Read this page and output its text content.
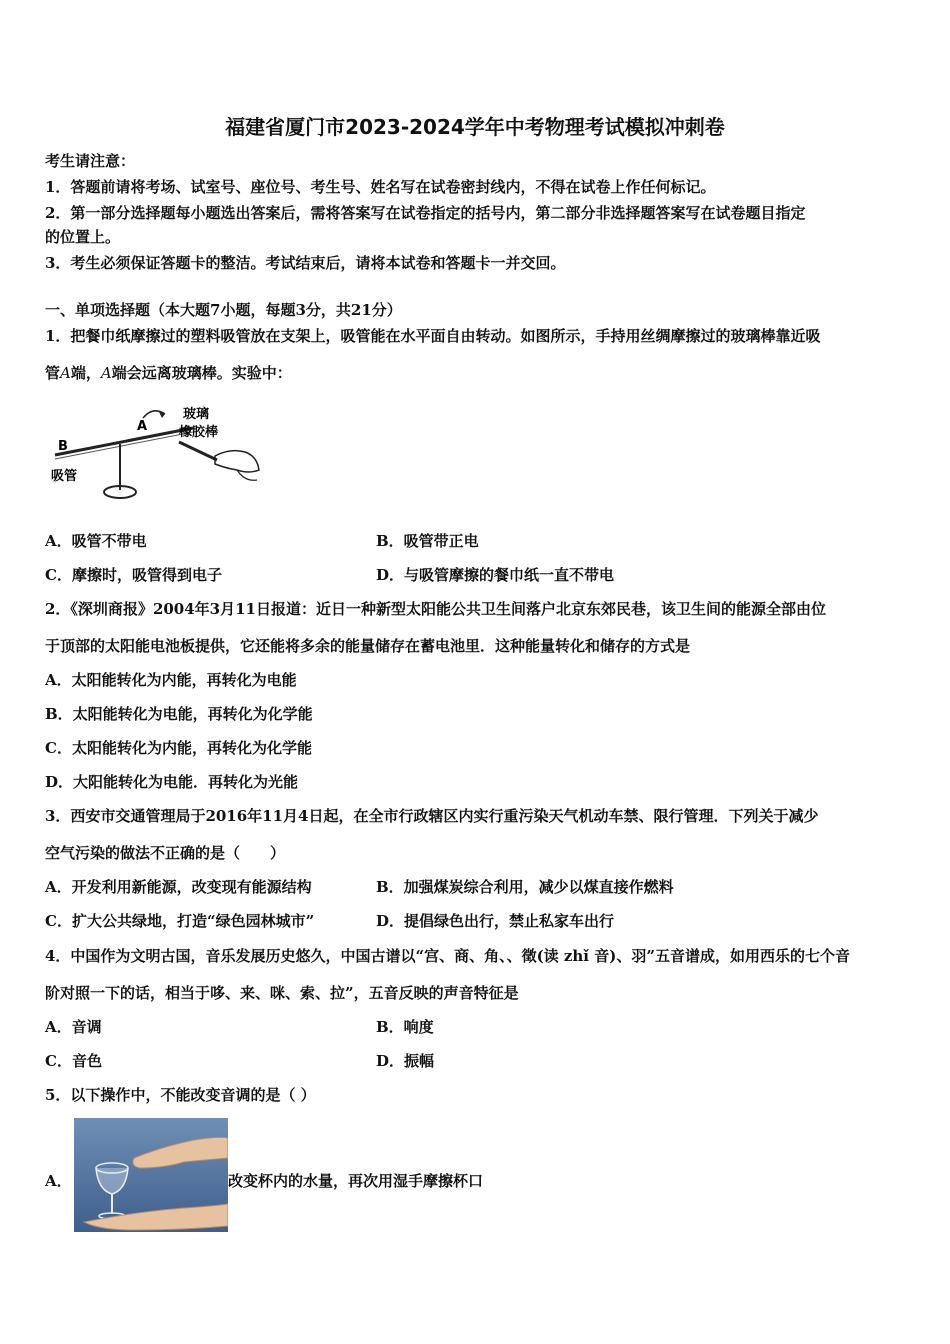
福建省厦门市2023-2024学年中考物理考试模拟冲刺卷

考生请注意：

1．答题前请将考场、试室号、座位号、考生号、姓名写在试卷密封线内，不得在试卷上作任何标记。

2．第一部分选择题每小题选出答案后，需将答案写在试卷指定的括号内，第二部分非选择题答案写在试卷题目指定

的位置上。

3．考生必须保证答题卡的整洁。考试结束后，请将本试卷和答题卡一并交回。

一、单项选择题（本大题7小题，每题3分，共21分）

1．把餐巾纸摩擦过的塑料吸管放在支架上，吸管能在水平面自由转动。如图所示，手持用丝绸摩擦过的玻璃棒靠近吸

管A端，A端会远离玻璃棒。实验中：

B
A
吸管
玻璃
橡胶棒

A．吸管不带电	B．吸管带正电

C．摩擦时，吸管得到电子	D．与吸管摩擦的餐巾纸一直不带电

2．《深圳商报》2004年3月11日报道：近日一种新型太阳能公共卫生间落户北京东郊民巷，该卫生间的能源全部由位

于顶部的太阳能电池板提供，它还能将多余的能量储存在蓄电池里．这种能量转化和储存的方式是

A．太阳能转化为内能，再转化为电能

B．太阳能转化为电能，再转化为化学能

C．太阳能转化为内能，再转化为化学能

D．大阳能转化为电能．再转化为光能

3．西安市交通管理局于2016年11月4日起，在全市行政辖区内实行重污染天气机动车禁、限行管理．下列关于减少

空气污染的做法不正确的是（　　）

A．开发利用新能源，改变现有能源结构	B．加强煤炭综合利用，减少以煤直接作燃料

C．扩大公共绿地，打造“绿色园林城市”	D．提倡绿色出行，禁止私家车出行

4．中国作为文明古国，音乐发展历史悠久，中国古谱以“宫、商、角、、徵(读 zhǐ 音)、羽”五音谱成，如用西乐的七个音

阶对照一下的话，相当于哆、来、咪、索、拉”，五音反映的声音特征是

A．音调	B．响度

C．音色	D．振幅

5．以下操作中，不能改变音调的是（ ）

A．	改变杯内的水量，再次用湿手摩擦杯口
